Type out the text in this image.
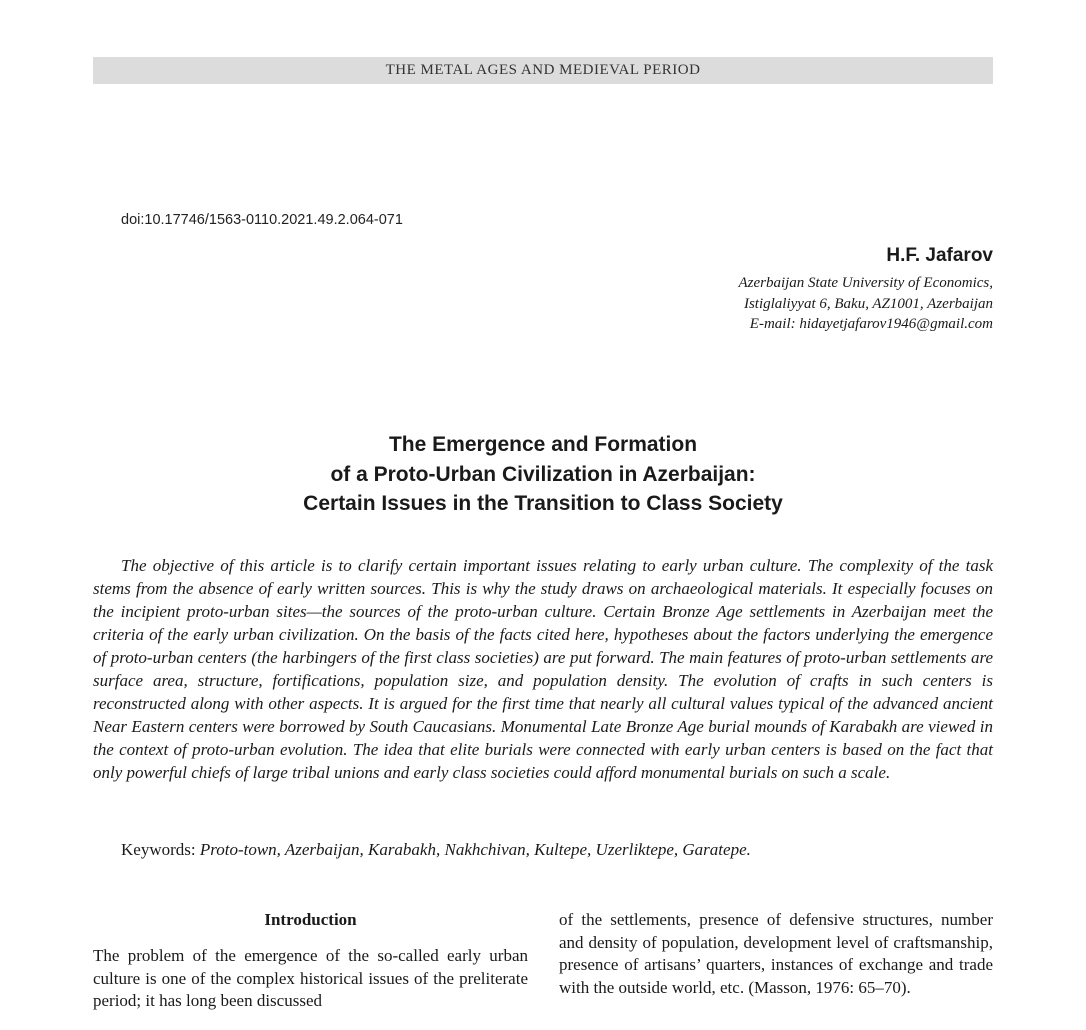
THE METAL AGES AND MEDIEVAL PERIOD
doi:10.17746/1563-0110.2021.49.2.064-071
H.F. Jafarov
Azerbaijan State University of Economics,
Istiglaliyyat 6, Baku, AZ1001, Azerbaijan
E-mail: hidayetjafarov1946@gmail.com
The Emergence and Formation
of a Proto-Urban Civilization in Azerbaijan:
Certain Issues in the Transition to Class Society

The objective of this article is to clarify certain important issues relating to early urban culture. The complexity of the task stems from the absence of early written sources. This is why the study draws on archaeological materials. It especially focuses on the incipient proto-urban sites—the sources of the proto-urban culture. Certain Bronze Age settlements in Azerbaijan meet the criteria of the early urban civilization. On the basis of the facts cited here, hypotheses about the factors underlying the emergence of proto-urban centers (the harbingers of the first class societies) are put forward. The main features of proto-urban settlements are surface area, structure, fortifications, population size, and population density. The evolution of crafts in such centers is reconstructed along with other aspects. It is argued for the first time that nearly all cultural values typical of the advanced ancient Near Eastern centers were borrowed by South Caucasians. Monumental Late Bronze Age burial mounds of Karabakh are viewed in the context of proto-urban evolution. The idea that elite burials were connected with early urban centers is based on the fact that only powerful chiefs of large tribal unions and early class societies could afford monumental burials on such a scale.

Keywords: Proto-town, Azerbaijan, Karabakh, Nakhchivan, Kultepe, Uzerliktepe, Garatepe.
Introduction

The problem of the emergence of the so-called early urban culture is one of the complex historical issues of the preliterate period; it has long been discussed

of the settlements, presence of defensive structures, number and density of population, development level of craftsmanship, presence of artisans’ quarters, instances of exchange and trade with the outside world, etc. (Masson, 1976: 65–70).
